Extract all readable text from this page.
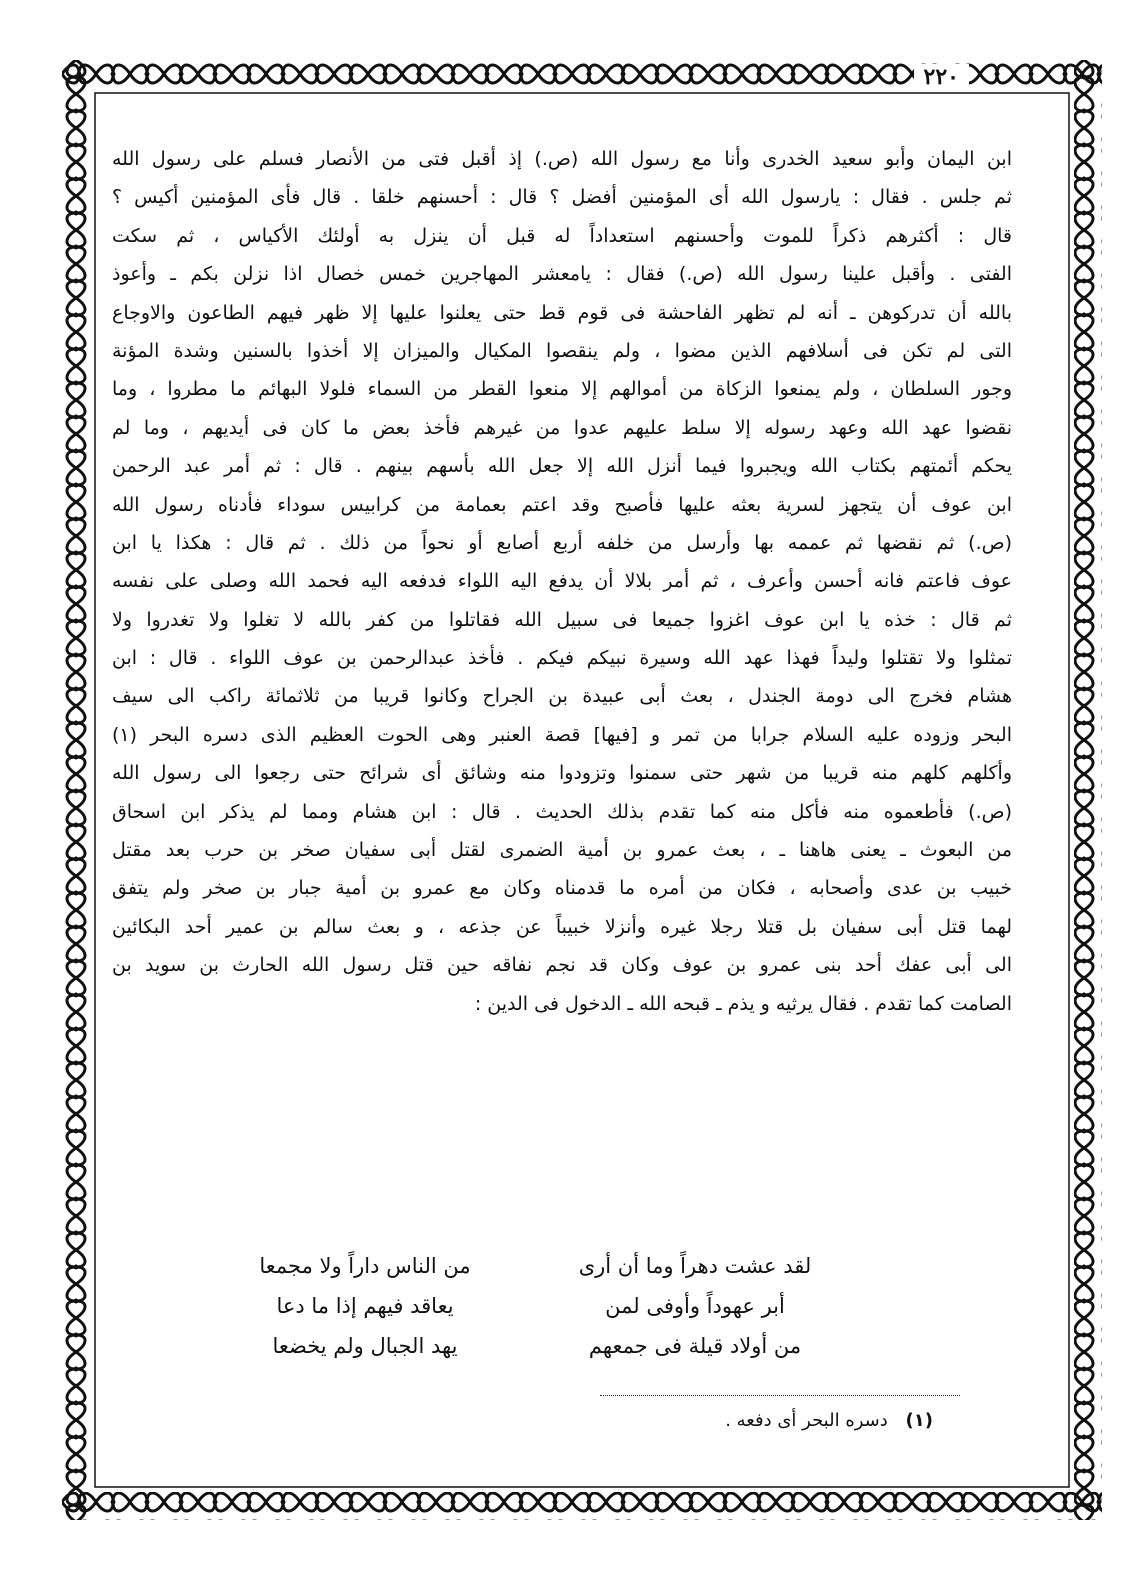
٢٢٠
ابن اليمان وأبو سعيد الخدرى وأنا مع رسول الله (ص.) إذ أقبل فتى من الأنصار فسلم على رسول الله
ثم جلس . فقال : يارسول الله أى المؤمنين أفضل ؟ قال : أحسنهم خلقا . قال فأى المؤمنين أكيس ؟
قال : أكثرهم ذكراً للموت وأحسنهم استعداداً له قبل أن ينزل به أولئك الأكياس ، ثم سكت
الفتى . وأقبل علينا رسول الله (ص.) فقال : يامعشر المهاجرين خمس خصال اذا نزلن بكم ـ وأعوذ
بالله أن تدركوهن ـ أنه لم تظهر الفاحشة فى قوم قط حتى يعلنوا عليها إلا ظهر فيهم الطاعون والاوجاع
التى لم تكن فى أسلافهم الذين مضوا ، ولم ينقصوا المكيال والميزان إلا أخذوا بالسنين وشدة المؤنة
وجور السلطان ، ولم يمنعوا الزكاة من أموالهم إلا منعوا القطر من السماء فلولا البهائم ما مطروا ، وما
نقضوا عهد الله وعهد رسوله إلا سلط عليهم عدوا من غيرهم فأخذ بعض ما كان فى أيديهم ، وما لم
يحكم أئمتهم بكتاب الله ويجبروا فيما أنزل الله إلا جعل الله بأسهم بينهم . قال : ثم أمر عبد الرحمن
ابن عوف أن يتجهز لسرية بعثه عليها فأصبح وقد اعتم بعمامة من كرابيس سوداء فأدناه رسول الله
(ص.) ثم نقضها ثم عممه بها وأرسل من خلفه أربع أصابع أو نحواً من ذلك . ثم قال : هكذا يا ابن
عوف فاعتم فانه أحسن وأعرف ، ثم أمر بلالا أن يدفع اليه اللواء فدفعه اليه فحمد الله وصلى على نفسه
ثم قال : خذه يا ابن عوف اغزوا جميعا فى سبيل الله فقاتلوا من كفر بالله لا تغلوا ولا تغدروا ولا
تمثلوا ولا تقتلوا وليداً فهذا عهد الله وسيرة نبيكم فيكم . فأخذ عبدالرحمن بن عوف اللواء . قال : ابن
هشام فخرج الى دومة الجندل ، بعث أبى عبيدة بن الجراح وكانوا قريبا من ثلاثمائة راكب الى سيف
البحر وزوده عليه السلام جرابا من تمر و [فيها] قصة العنبر وهى الحوت العظيم الذى دسره البحر (١)
وأكلهم كلهم منه قريبا من شهر حتى سمنوا وتزودوا منه وشائق أى شرائح حتى رجعوا الى رسول الله
(ص.) فأطعموه منه فأكل منه كما تقدم بذلك الحديث . قال : ابن هشام ومما لم يذكر ابن اسحاق
من البعوث ـ يعنى هاهنا ـ ، بعث عمرو بن أمية الضمرى لقتل أبى سفيان صخر بن حرب بعد مقتل
خبيب بن عدى وأصحابه ، فكان من أمره ما قدمناه وكان مع عمرو بن أمية جبار بن صخر ولم يتفق
لهما قتل أبى سفيان بل قتلا رجلا غيره وأنزلا خبيباً عن جذعه ، و بعث سالم بن عمير أحد البكائين
الى أبى عفك أحد بنى عمرو بن عوف وكان قد نجم نفاقه حين قتل رسول الله الحارث بن سويد بن
الصامت كما تقدم . فقال يرثيه و يذم ـ قبحه الله ـ الدخول فى الدين :
لقد عشت دهراً وما أن أرى
من الناس داراً ولا مجمعا
أبر عهوداً وأوفى لمن
يعاقد فيهم إذا ما دعا
من أولاد قيلة فى جمعهم
يهد الجبال ولم يخضعا
(١) دسره البحر أى دفعه .
